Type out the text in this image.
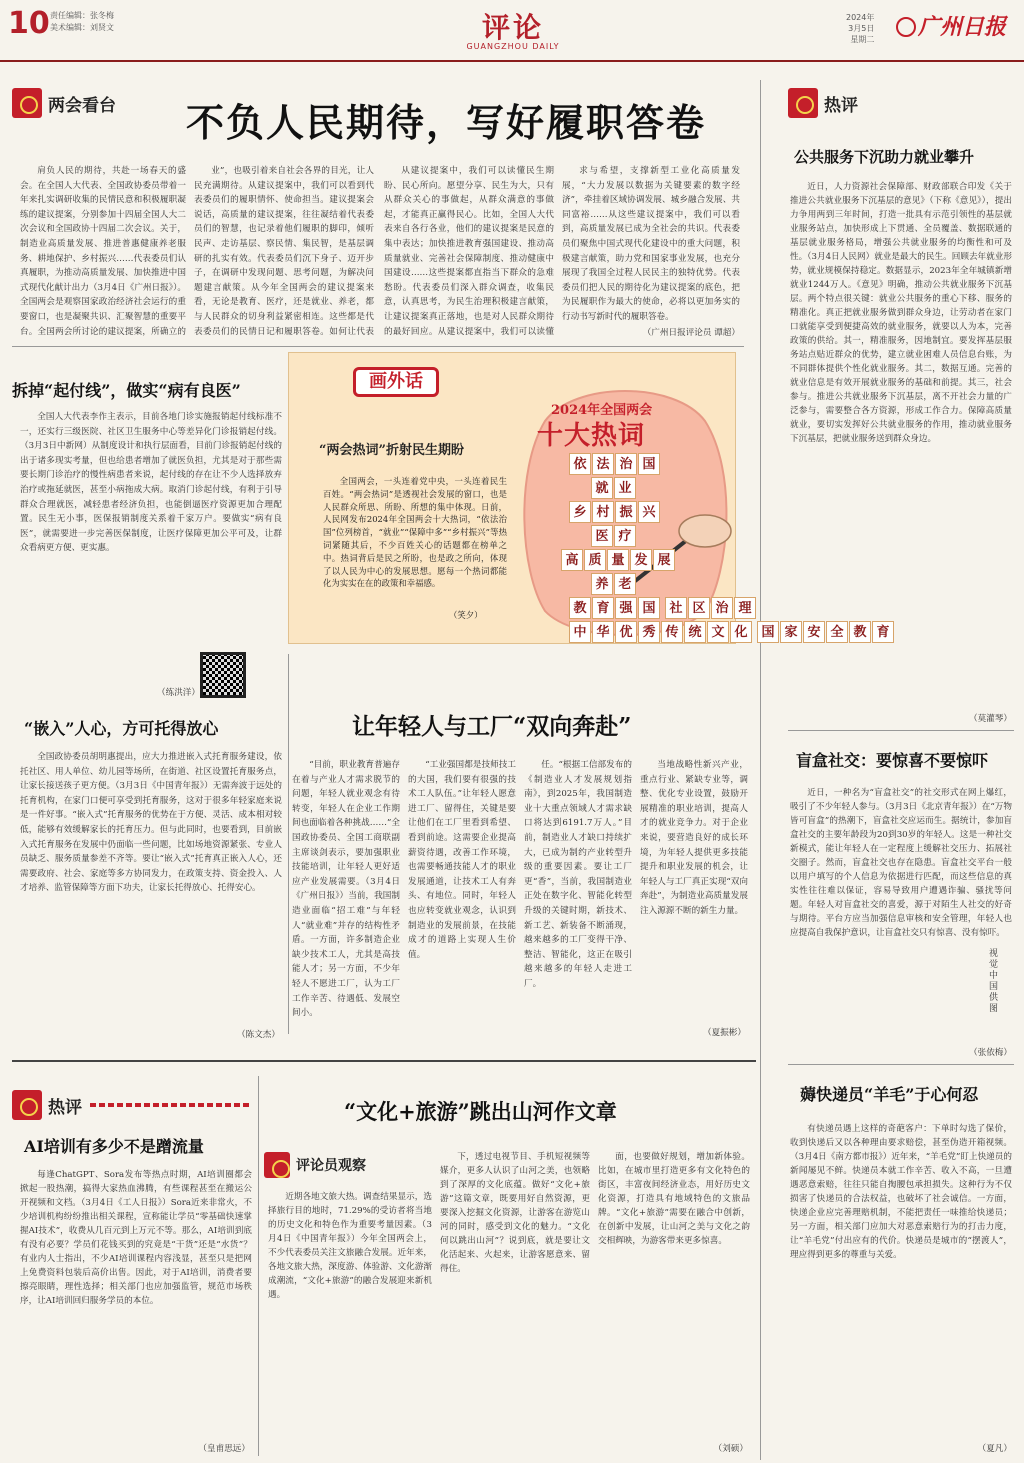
10 责任编辑：张冬梅
美术编辑：刘贤文	评论
GUANGZHOU DAILY
2024年
3月5日
星期二	广州日报
两会看台 不负人民期待，写好履职答卷
肩负人民的期待，共赴一场春天的盛会。在全国人大代表、全国政协委员带着一年来扎实调研收集的民情民意和积极履职凝练的建议提案，分别参加十四届全国人大二次会议和全国政协十四届二次会议。关于，制造业高质量发展、推进普惠健康养老服务、耕地保护、乡村振兴……代表委员们认真履职，为推动高质量发展、加快推进中国式现代化献计出力（3月4日《广州日报》）。全国两会是观察国家政治经济社会运行的重要窗口，也是凝聚共识、汇聚智慧的重要平台。全国两会所讨论的建议提案，所确立的
业”，也吸引着来自社会各界的目光，让人民充满期待。从建议提案中，我们可以看到代表委员们的履职情怀、使命担当。建议提案会说话，高质量的建议提案，往往凝结着代表委员们的智慧，也记录着他们履职的脚印，倾听民声、走访基层、察民情、集民智，是基层调研的扎实有效。代表委员们沉下身子、迈开步子，在调研中发现问题、思考问题，为解决问题建言献策。从今年全国两会的建议提案来看，无论是教育、医疗，还是就业、养老，都与人民群众的切身利益紧密相连。这些都是代表委员们的民情日记和履职答卷。如何让代表
从建议提案中，我们可以读懂民生期盼、民心所向。愿望分享、民生为大，只有从群众关心的事做起，从群众满意的事做起，才能真正赢得民心。比如，全国人大代表来自各行各业，他们的建议提案是民意的集中表达；加快推进教育强国建设、推动高质量就业、完善社会保障制度、推动健康中国建设……这些提案都直指当下群众的急难愁盼。代表委员们深入群众调查，收集民意，认真思考，为民生治理积极建言献策，让建议提案真正落地，也是对人民群众期待的最好回应。从建议提案中，我们可以读懂
求与希望，支撑新型工业化高质量发展，“大力发展以数据为关键要素的数字经济”，牵挂着区域协调发展、城乡融合发展、共同富裕……从这些建议提案中，我们可以看到，高质量发展已成为全社会的共识。代表委员们聚焦中国式现代化建设中的重大问题，积极建言献策，助力党和国家事业发展，也充分展现了我国全过程人民民主的独特优势。代表委员们把人民的期待化为建议提案的底色，把为民履职作为最大的使命，必将以更加务实的行动书写新时代的履职答卷。
（广州日报评论员 谭超）
拆掉“起付线”，做实“病有良医”
全国人大代表李作主表示，目前各地门诊实施报销起付线标准不一，还实行三级医院、社区卫生服务中心等差异化门诊报销起付线。（3月3日中新网）从制度设计和执行层面看，目前门诊报销起付线的出于诸多现实考量，但也给患者增加了就医负担，尤其是对于那些需要长期门诊治疗的慢性病患者来说，起付线的存在让不少人选择放弃治疗或拖延就医，甚至小病拖成大病。取消门诊起付线，有利于引导群众合理就医，减轻患者经济负担，也能倒逼医疗资源更加合理配置。民生无小事，医保报销制度关系着千家万户。要做实“病有良医”，就需要进一步完善医保制度，让医疗保障更加公平可及，让群众看病更方便、更实惠。
（练洪洋）
“嵌入”人心，方可托得放心
全国政协委员胡明惠提出，应大力推进嵌入式托育服务建设，依托社区、用人单位、幼儿园等场所，在街道、社区设置托育服务点，让家长接送孩子更方便。（3月3日《中国青年报》）无需奔波于远处的托育机构，在家门口便可享受到托育服务，这对于很多年轻家庭来说是一件好事。“嵌入式”托育服务的优势在于方便、灵活、成本相对较低，能够有效缓解家长的托育压力。但与此同时，也要看到，目前嵌入式托育服务在发展中仍面临一些问题，比如场地资源紧张、专业人员缺乏、服务质量参差不齐等。要让“嵌入式”托育真正嵌入人心，还需要政府、社会、家庭等多方协同发力，在政策支持、资金投入、人才培养、监管保障等方面下功夫，让家长托得放心、托得安心。
（陈文杰）
画外话
“两会热词”折射民生期盼
全国两会，一头连着党中央，一头连着民生百姓。“两会热词”是透视社会发展的窗口，也是人民群众所思、所盼、所想的集中体现。日前，人民网发布2024年全国两会十大热词，“依法治国”位列榜首，“就业”“保障中多”“乡村振兴”等热词紧随其后，不少百姓关心的话题都在榜单之中。热词背后是民之所盼，也是政之所向，体现了以人民为中心的发展思想。愿每一个热词都能化为实实在在的政策和幸福感。
（笑夕）
2024年全国两会
十大热词
依 法 治 国
就 业
乡 村 振 兴
医 疗
高 质 量 发 展
养 老
教 育 强 国	社 区 治 理
中 华 优 秀 传 统 文 化	国 家 安 全 教 育
视觉中国 供图
让年轻人与工厂“双向奔赴”
“目前，职业教育普遍存在着与产业人才需求脱节的问题，年轻人就业观念有待转变，年轻人在企业工作期间也面临着各种挑战……”全国政协委员、全国工商联副主席谈剑表示，要加强职业技能培训，让年轻人更好适应产业发展需要。（3月4日《广州日报》）当前，我国制造业面临“招工难”与年轻人“就业难”并存的结构性矛盾。一方面，许多制造企业缺少技术工人，尤其是高技能人才；另一方面，不少年轻人不愿进工厂，认为工厂工作辛苦、待遇低、发展空间小。
“工业强国都是技师技工的大国，我们要有很强的技术工人队伍。”让年轻人愿意进工厂、留得住，关键是要让他们在工厂里看到希望、看到前途。这需要企业提高薪资待遇，改善工作环境，也需要畅通技能人才的职业发展通道，让技术工人有奔头、有地位。同时，年轻人也应转变就业观念，认识到制造业的发展前景，在技能成才的道路上实现人生价值。
任。“根据工信部发布的《制造业人才发展规划指南》，到2025年，我国制造业十大重点领域人才需求缺口将达到6191.7万人。”目前，制造业人才缺口持续扩大，已成为制约产业转型升级的重要因素。要让工厂更“香”，当前，我国制造业正处在数字化、智能化转型升级的关键时期，新技术、新工艺、新装备不断涌现，越来越多的工厂变得干净、整洁、智能化，这正在吸引越来越多的年轻人走进工厂。
当地战略性新兴产业，重点行业、紧缺专业等，调整、优化专业设置，鼓励开展精准的职业培训，提高人才的就业竞争力。对于企业来说，要营造良好的成长环境，为年轻人提供更多技能提升和职业发展的机会，让年轻人与工厂真正实现“双向奔赴”，为制造业高质量发展注入源源不断的新生力量。
（夏振彬）
热评
公共服务下沉助力就业攀升
近日，人力资源社会保障部、财政部联合印发《关于推进公共就业服务下沉基层的意见》（下称《意见》），提出力争用两到三年时间，打造一批具有示范引领性的基层就业服务站点，加快形成上下贯通、全员覆盖、数据联通的基层就业服务格局，增强公共就业服务的均衡性和可及性。（3月4日人民网）就业是最大的民生。回顾去年就业形势，就业规模保持稳定。数据显示，2023年全年城镇新增就业1244万人。《意见》明确，推动公共就业服务下沉基层。两个特点很关键：就业公共服务的重心下移、服务的精准化。真正把就业服务做到群众身边，让劳动者在家门口就能享受到便捷高效的就业服务，就要以人为本，完善政策的供给。其一，精准服务，因地制宜。要发挥基层服务站点贴近群众的优势，建立就业困难人员信息台账，为不同群体提供个性化就业服务。其二，数据互通。完善的就业信息是有效开展就业服务的基础和前提。其三，社会参与。推进公共就业服务下沉基层，离不开社会力量的广泛参与，需要整合各方资源，形成工作合力。保障高质量就业，要切实发挥好公共就业服务的作用，推动就业服务下沉基层，把就业服务送到群众身边。
（莫灌琴）
盲盒社交：要惊喜不要惊吓
近日，一种名为“盲盒社交”的社交形式在网上爆红，吸引了不少年轻人参与。（3月3日《北京青年报》）在“万物皆可盲盒”的热潮下，盲盒社交应运而生。据统计，参加盲盒社交的主要年龄段为20到30岁的年轻人。这是一种社交新模式，能让年轻人在一定程度上缓解社交压力、拓展社交圈子。然而，盲盒社交也存在隐患。盲盒社交平台一般以用户填写的个人信息为依据进行匹配，而这些信息的真实性往往难以保证，容易导致用户遭遇诈骗、骚扰等问题。年轻人对盲盒社交的喜爱，源于对陌生人社交的好奇与期待。平台方应当加强信息审核和安全管理，年轻人也应提高自我保护意识，让盲盒社交只有惊喜、没有惊吓。
（张依梅）
薅快递员“羊毛”于心何忍
有快递员遇上这样的奇葩客户：下单时勾选了保价，收到快递后又以各种理由要求赔偿，甚至伪造开箱视频。（3月4日《南方都市报》）近年来，“羊毛党”盯上快递员的新闻屡见不鲜。快递员本就工作辛苦、收入不高，一旦遭遇恶意索赔，往往只能自掏腰包承担损失。这种行为不仅损害了快递员的合法权益，也破坏了社会诚信。一方面，快递企业应完善理赔机制，不能把责任一味推给快递员；另一方面，相关部门应加大对恶意索赔行为的打击力度，让“羊毛党”付出应有的代价。快递员是城市的“摆渡人”，理应得到更多的尊重与关爱。
（夏凡）
热评
AI培训有多少不是蹭流量
每逢ChatGPT、Sora发布等热点时期，AI培训圈都会掀起一股热潮，搞得大家热血沸腾，有些课程甚至在搬运公开视频和文档。（3月4日《工人日报》）Sora近来非常火，不少培训机构纷纷推出相关课程，宣称能让学员“零基础快速掌握AI技术”，收费从几百元到上万元不等。那么，AI培训到底有没有必要？学员们花钱买到的究竟是“干货”还是“水货”？有业内人士指出，不少AI培训课程内容浅显，甚至只是把网上免费资料包装后高价出售。因此，对于AI培训，消费者要擦亮眼睛，理性选择；相关部门也应加强监管，规范市场秩序，让AI培训回归服务学员的本位。
（皇甫思远）
“文化+旅游”跳出山河作文章
评论员观察
近期各地文旅大热。调查结果显示，选择旅行目的地时，71.29%的受访者将当地的历史文化和特色作为重要考量因素。（3月4日《中国青年报》）今年全国两会上，不少代表委员关注文旅融合发展。近年来，各地文旅大热，深度游、体验游、文化游渐成潮流，“文化+旅游”的融合发展迎来新机遇。
下，透过电视节目、手机短视频等媒介，更多人认识了山河之美，也领略到了深厚的文化底蕴。做好“文化+旅游”这篇文章，既要用好自然资源，更要深入挖掘文化资源，让游客在游览山河的同时，感受到文化的魅力。“文化何以跳出山河”？说到底，就是要让文化活起来、火起来，让游客愿意来、留得住。
面，也要做好规划，增加新体验。比如，在城市里打造更多有文化特色的街区，丰富夜间经济业态，用好历史文化资源，打造具有地域特色的文旅品牌。“文化+旅游”需要在融合中创新，在创新中发展，让山河之美与文化之韵交相辉映，为游客带来更多惊喜。
（刘硕）
